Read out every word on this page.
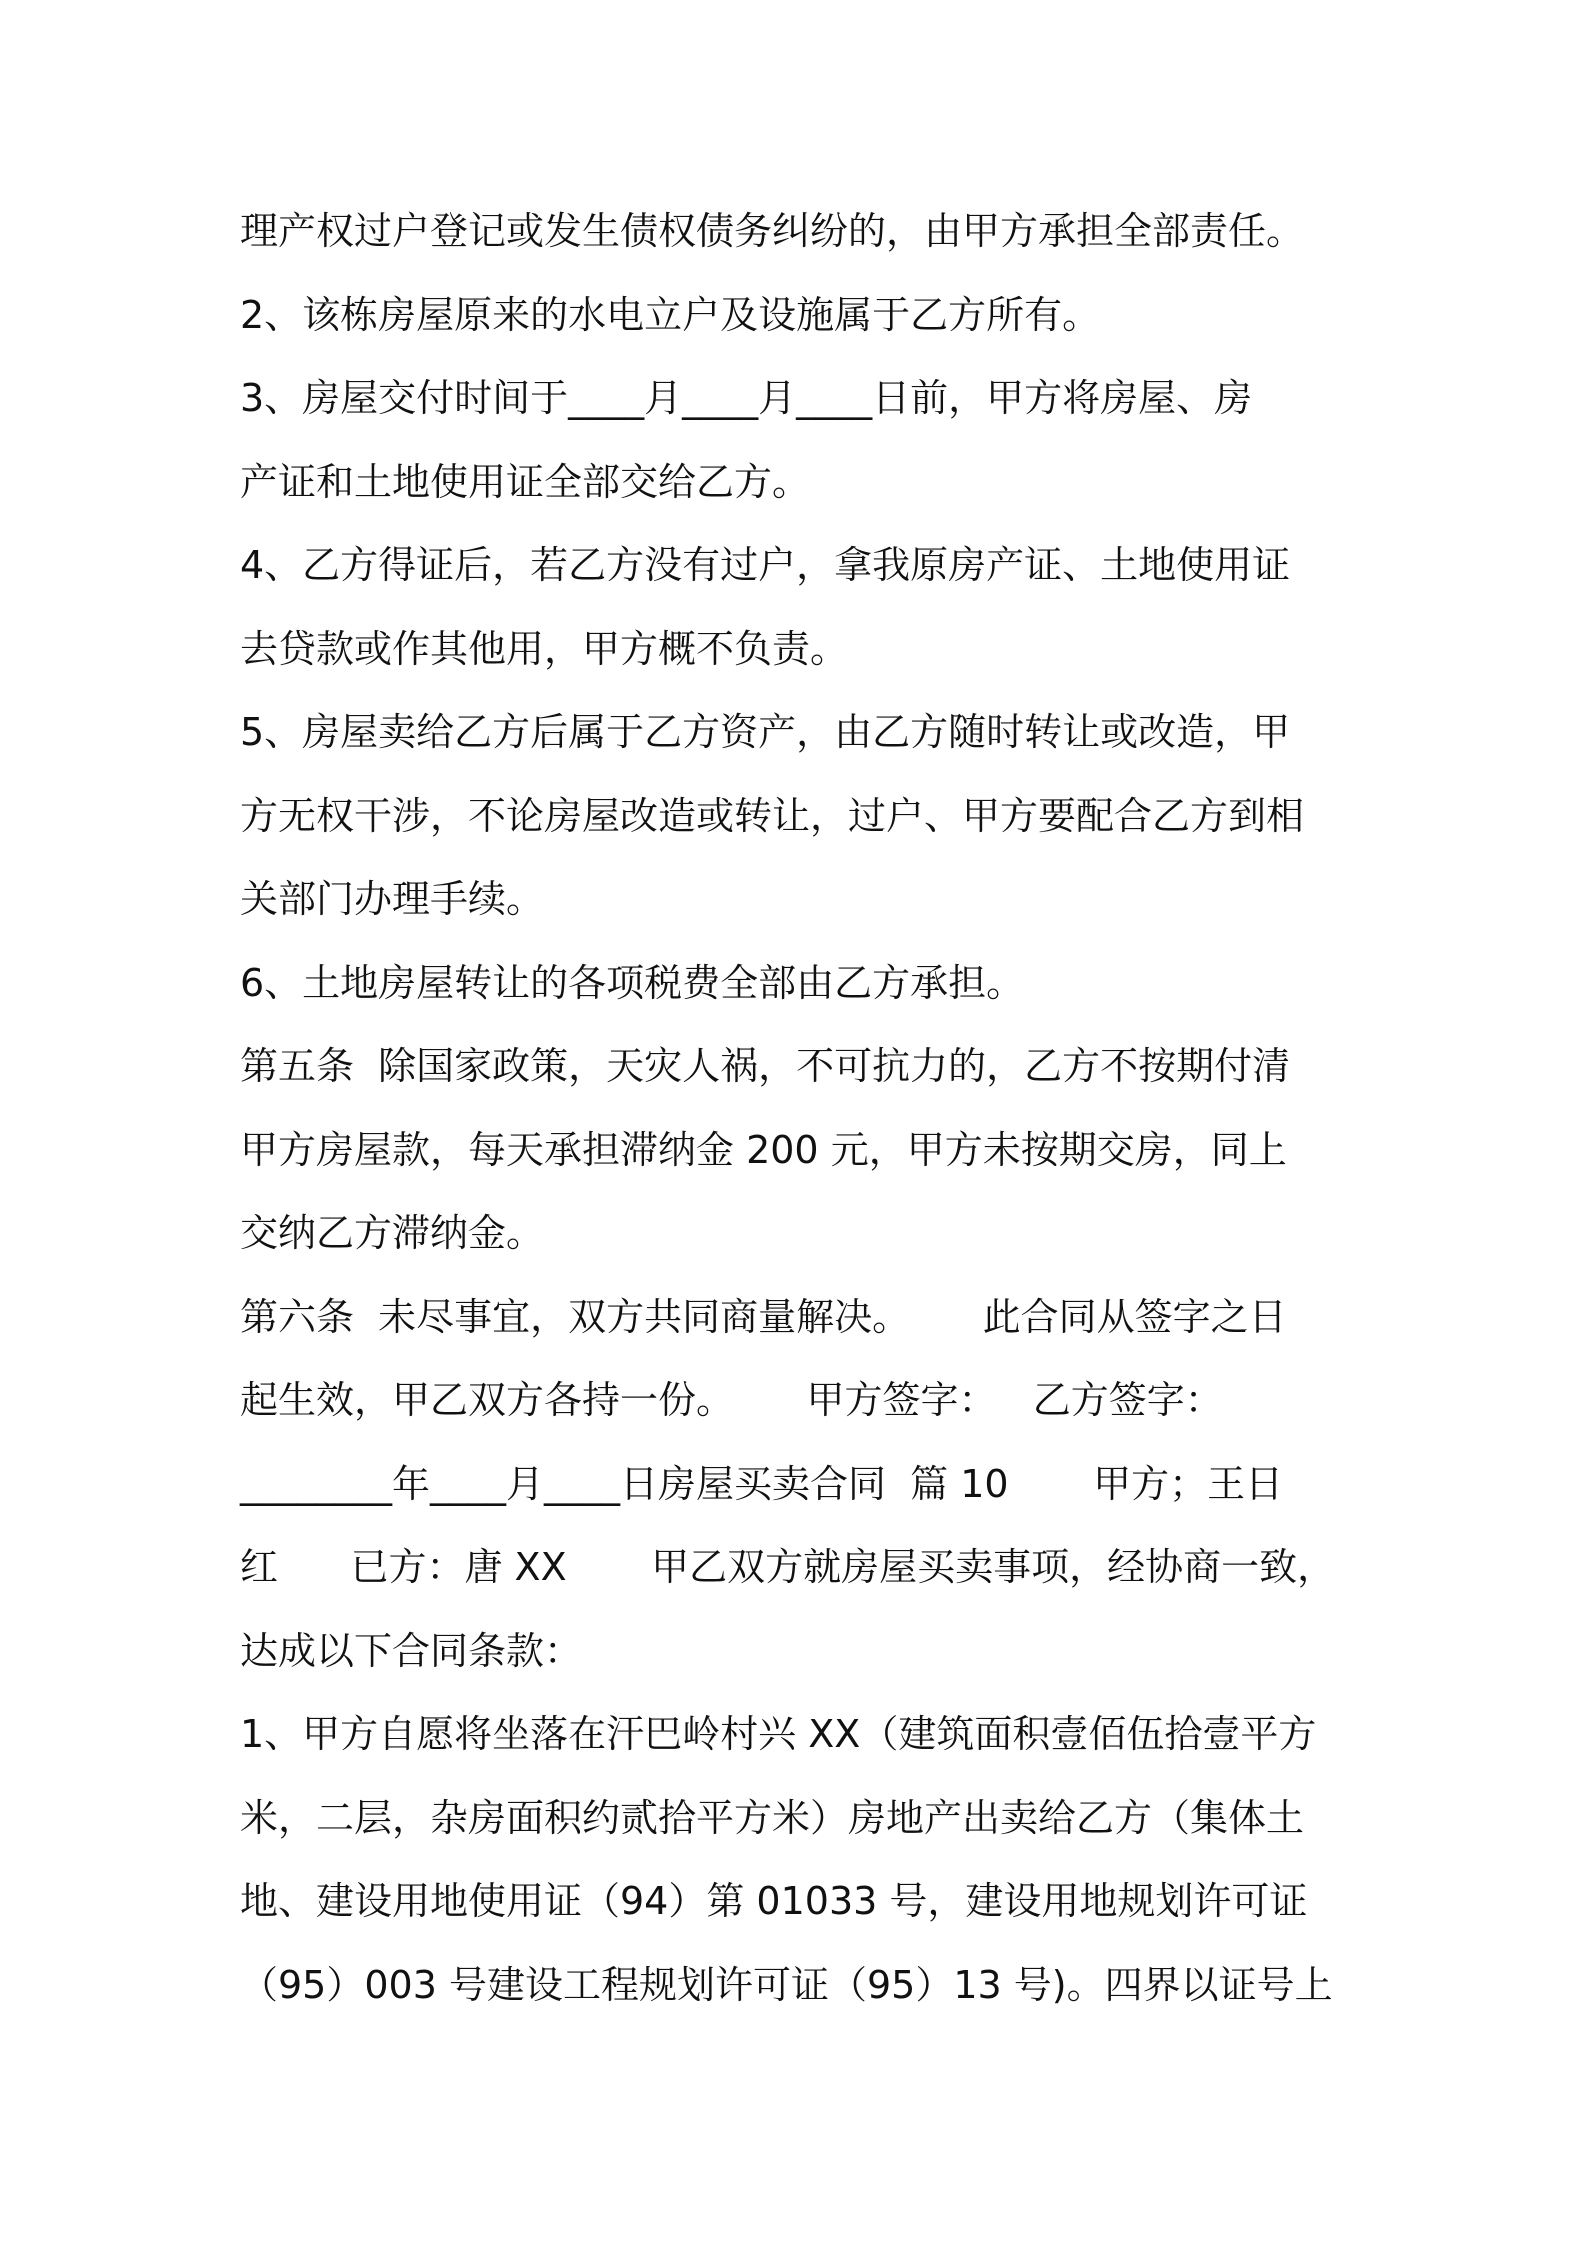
理产权过户登记或发生债权债务纠纷的，由甲方承担全部责任。
2、该栋房屋原来的水电立户及设施属于乙方所有。
3、房屋交付时间于____月____月____日前，甲方将房屋、房
产证和土地使用证全部交给乙方。
4、乙方得证后，若乙方没有过户，拿我原房产证、土地使用证
去贷款或作其他用，甲方概不负责。
5、房屋卖给乙方后属于乙方资产，由乙方随时转让或改造，甲
方无权干涉，不论房屋改造或转让，过户、甲方要配合乙方到相
关部门办理手续。
6、土地房屋转让的各项税费全部由乙方承担。
第五条  除国家政策，天灾人祸，不可抗力的，乙方不按期付清
甲方房屋款，每天承担滞纳金 200 元，甲方未按期交房，同上
交纳乙方滞纳金。
第六条  未尽事宜，双方共同商量解决。      此合同从签字之日
起生效，甲乙双方各持一份。      甲方签字：   乙方签字：
________年____月____日房屋买卖合同  篇 10       甲方；王日
红      已方：唐 XX       甲乙双方就房屋买卖事项，经协商一致，
达成以下合同条款：
1、甲方自愿将坐落在汗巴岭村兴 XX（建筑面积壹佰伍拾壹平方
米，二层，杂房面积约贰拾平方米）房地产出卖给乙方（集体土
地、建设用地使用证（94）第 01033 号，建设用地规划许可证
（95）003 号建设工程规划许可证（95）13 号)。四界以证号上
